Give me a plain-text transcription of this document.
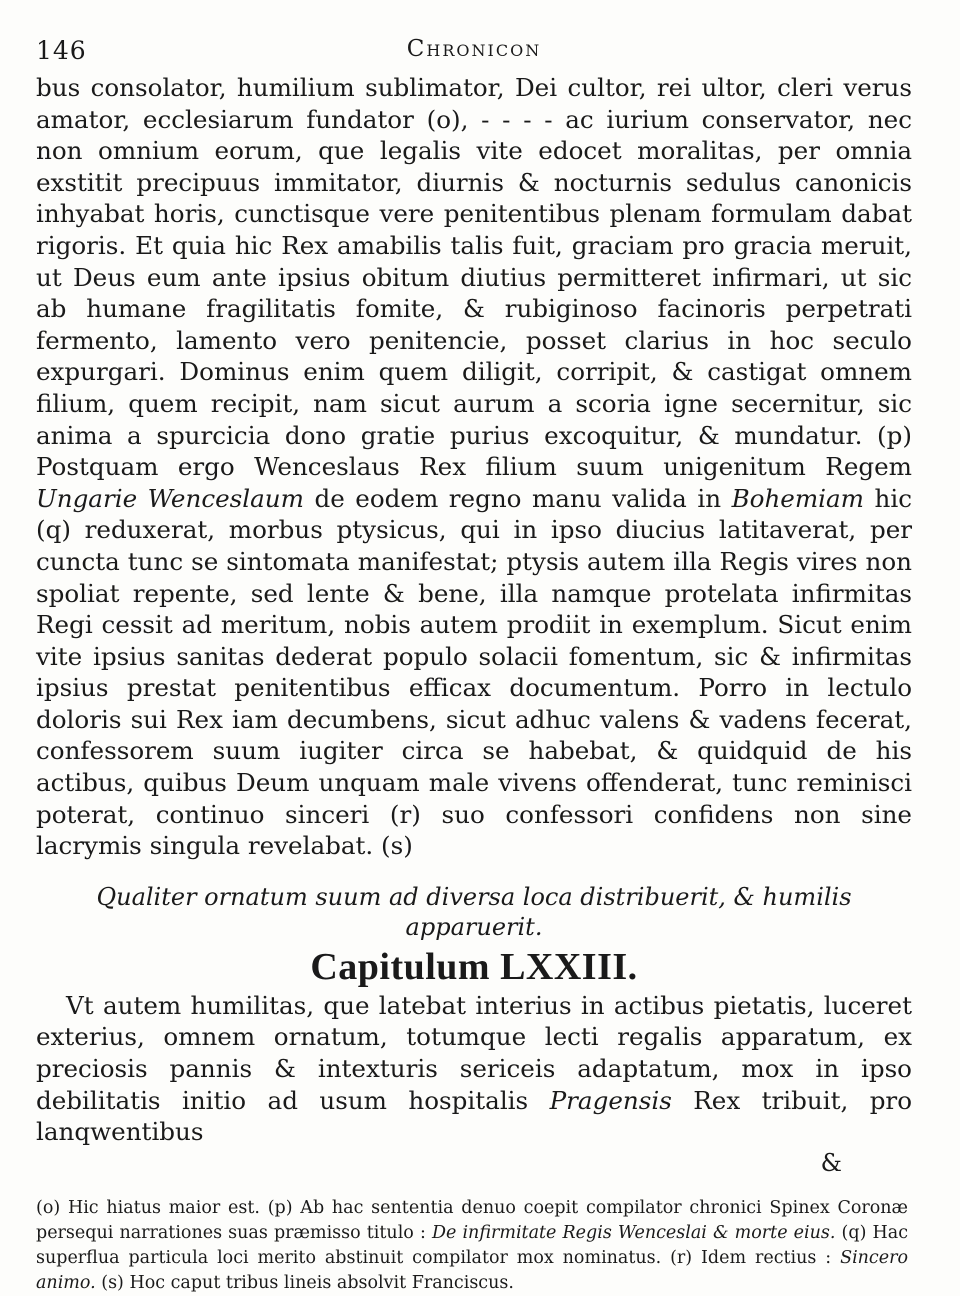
146	Chronicon

bus consolator, humilium sublimator, Dei cultor, rei ultor, cleri verus amator, ecclesiarum fundator (o), - - - - ac iurium conservator, nec non omnium eorum, que legalis vite edocet moralitas, per omnia exstitit precipuus immitator, diurnis & nocturnis sedulus canonicis inhyabat horis, cunctisque vere penitentibus plenam formulam dabat rigoris. Et quia hic Rex amabilis talis fuit, graciam pro gracia meruit, ut Deus eum ante ipsius obitum diutius permitteret infirmari, ut sic ab humane fragilitatis fomite, & rubiginoso facinoris perpetrati fermento, lamento vero penitencie, posset clarius in hoc seculo expurgari. Dominus enim quem diligit, corripit, & castigat omnem filium, quem recipit, nam sicut aurum a scoria igne secernitur, sic anima a spurcicia dono gratie purius excoquitur, & mundatur. (p) Postquam ergo Wenceslaus Rex filium suum unigenitum Regem Ungarie Wenceslaum de eodem regno manu valida in Bohemiam hic (q) reduxerat, morbus ptysicus, qui in ipso diucius latitaverat, per cuncta tunc se sintomata manifestat; ptysis autem illa Regis vires non spoliat repente, sed lente & bene, illa namque protelata infirmitas Regi cessit ad meritum, nobis autem prodiit in exemplum. Sicut enim vite ipsius sanitas dederat populo solacii fomentum, sic & infirmitas ipsius prestat penitentibus efficax documentum. Porro in lectulo doloris sui Rex iam decumbens, sicut adhuc valens & vadens fecerat, confessorem suum iugiter circa se habebat, & quidquid de his actibus, quibus Deum unquam male vivens offenderat, tunc reminisci poterat, continuo sinceri (r) suo confessori confidens non sine lacrymis singula revelabat. (s)

Qualiter ornatum suum ad diversa loca distribuerit, & humilis apparuerit.
Capitulum LXXIII.

Vt autem humilitas, que latebat interius in actibus pietatis, luceret exterius, omnem ornatum, totumque lecti regalis apparatum, ex preciosis pannis & intexturis sericeis adaptatum, mox in ipso debilitatis initio ad usum hospitalis Pragensis Rex tribuit, pro lanqwentibus

&
(o) Hic hiatus maior est. (p) Ab hac sententia denuo coepit compilator chronici Spinex Coronæ persequi narrationes suas præmisso titulo : De infirmitate Regis Wenceslai & morte eius. (q) Hac superflua particula loci merito abstinuit compilator mox nominatus. (r) Idem rectius : Sincero animo. (s) Hoc caput tribus lineis absolvit Franciscus.
